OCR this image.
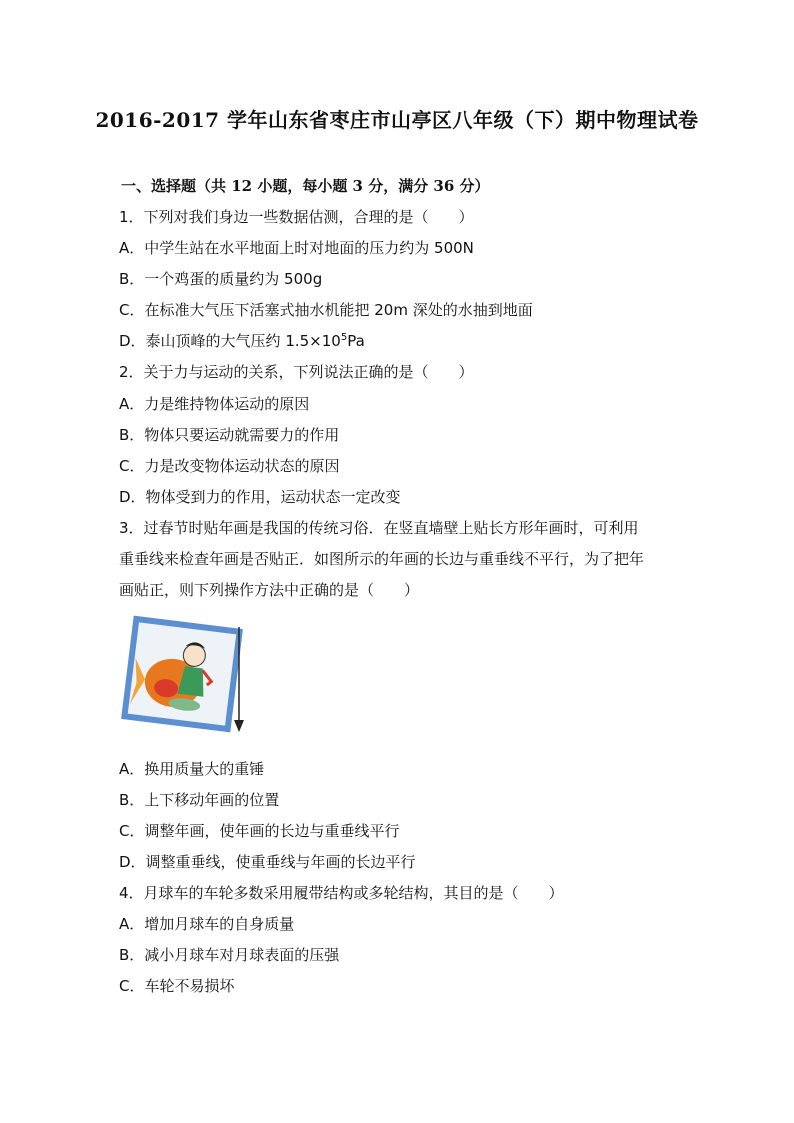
2016-2017 学年山东省枣庄市山亭区八年级（下）期中物理试卷
一、选择题（共 12 小题，每小题 3 分，满分 36 分）
1．下列对我们身边一些数据估测，合理的是（　　）
A．中学生站在水平地面上时对地面的压力约为 500N
B．一个鸡蛋的质量约为 500g
C．在标准大气压下活塞式抽水机能把 20m 深处的水抽到地面
D．泰山顶峰的大气压约 $1.5\times 10^5Pa$
2．关于力与运动的关系，下列说法正确的是（　　）
A．力是维持物体运动的原因
B．物体只要运动就需要力的作用
C．力是改变物体运动状态的原因
D．物体受到力的作用，运动状态一定改变
3．过春节时贴年画是我国的传统习俗．在竖直墙壁上贴长方形年画时，可利用
重垂线来检查年画是否贴正．如图所示的年画的长边与重垂线不平行，为了把年
画贴正，则下列操作方法中正确的是（　　）
A．换用质量大的重锤
B．上下移动年画的位置
C．调整年画，使年画的长边与重垂线平行
D．调整重垂线，使重垂线与年画的长边平行
4．月球车的车轮多数采用履带结构或多轮结构，其目的是（　　）
A．增加月球车的自身质量
B．减小月球车对月球表面的压强
C．车轮不易损坏
